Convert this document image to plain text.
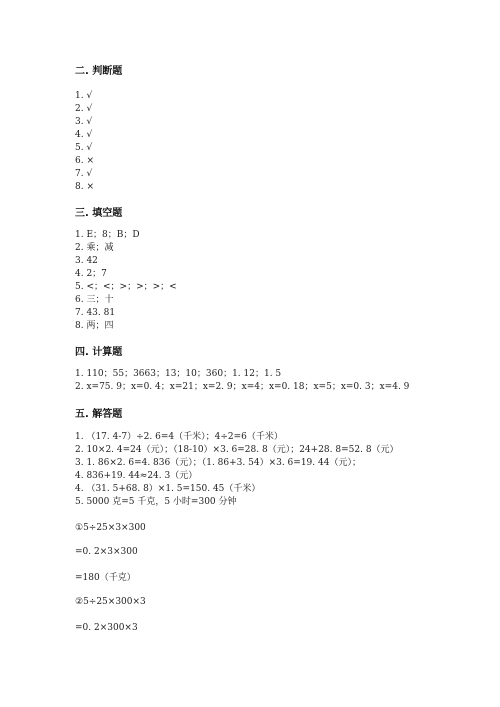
二. 判断题
1. √
2. √
3. √
4. √
5. √
6. ×
7. √
8. ×
三. 填空题
1. E；8；B；D
2. 乘；减
3. 42
4. 2；7
5. <；<；>；>；>；<
6. 三；十
7. 43. 81
8. 两；四
四. 计算题
1. 110；55；3663；13；10；360；1. 12；1. 5
2. x=75. 9；x=0. 4；x=21；x=2. 9；x=4；x=0. 18；x=5；x=0. 3；x=4. 9
五. 解答题
1. （17. 4-7）÷2. 6=4（千米）；4÷2=6（千米）
2. 10×2. 4=24（元）；（18-10）×3. 6=28. 8（元）；24+28. 8=52. 8（元）
3. 1. 86×2. 6=4. 836（元）；（1. 86+3. 54）×3. 6=19. 44（元）；
4. 836+19. 44≈24. 3（元）
4. （31. 5+68. 8）×1. 5=150. 45（千米）
5. 5000 克=5 千克，5 小时=300 分钟
①5÷25×3×300
=0. 2×3×300
=180（千克）
②5÷25×300×3
=0. 2×300×3
